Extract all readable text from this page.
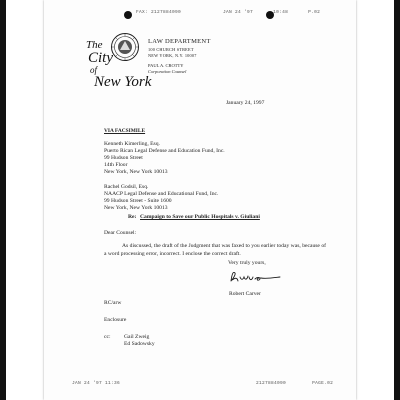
FAX: 2127884090	JAN 24 '97	10:48	P.02
The
City
of
New York
LAW DEPARTMENT
100 CHURCH STREET
NEW YORK, N.Y. 10007
PAUL A. CROTTY
Corporation Counsel
January 24, 1997
VIA FACSIMILE
Kenneth Kimerling, Esq.
Puerto Rican Legal Defense and Education Fund, Inc.
99 Hudson Street
14th Floor
New York, New York 10013
Rachel Godsil, Esq.
NAACP Legal Defense and Educational Fund, Inc.
99 Hudson Street - Suite 1600
New York, New York 10013
Re: Campaign to Save our Public Hospitals v. Giuliani
Dear Counsel:
As discussed, the draft of the Judgment that was faxed to you earlier today was, because of a word processing error, incorrect. I enclose the correct draft.
Very truly yours,
Robert Carver
RC/arw
Enclosure
cc: Gail Zweig
Ed Sadowsky
JAN 24 '97 11:36	2127884090	PAGE.02
